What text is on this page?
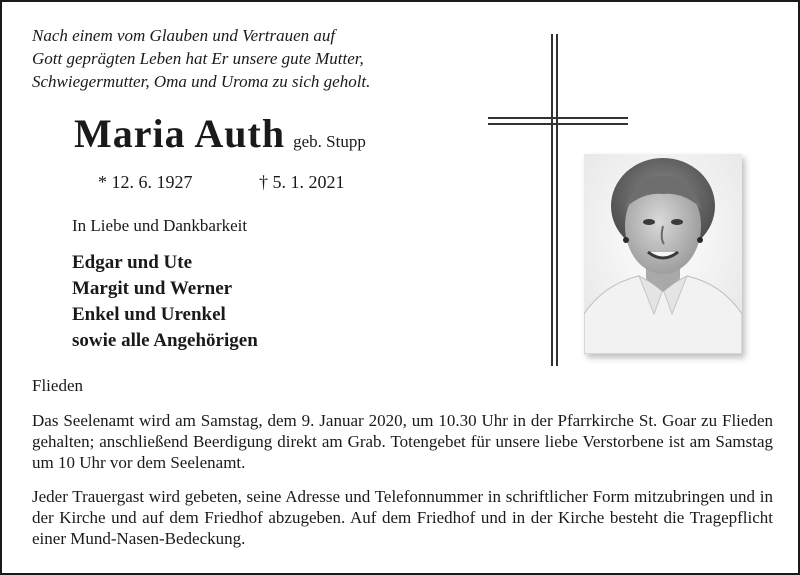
Nach einem vom Glauben und Vertrauen auf
Gott geprägten Leben hat Er unsere gute Mutter,
Schwiegermutter, Oma und Uroma zu sich geholt.
Maria Auth geb. Stupp
* 12. 6. 1927	† 5. 1. 2021
In Liebe und Dankbarkeit
Edgar und Ute
Margit und Werner
Enkel und Urenkel
sowie alle Angehörigen
Flieden
Das Seelenamt wird am Samstag, dem 9. Januar 2020, um 10.30 Uhr in der Pfarrkirche St. Goar zu Flieden gehalten; anschließend Beerdigung direkt am Grab. Totengebet für unsere liebe Verstorbene ist am Samstag um 10 Uhr vor dem Seelenamt.
Jeder Trauergast wird gebeten, seine Adresse und Telefonnummer in schriftlicher Form mitzubringen und in der Kirche und auf dem Friedhof abzugeben. Auf dem Friedhof und in der Kirche besteht die Tragepflicht einer Mund-Nasen-Bedeckung.
